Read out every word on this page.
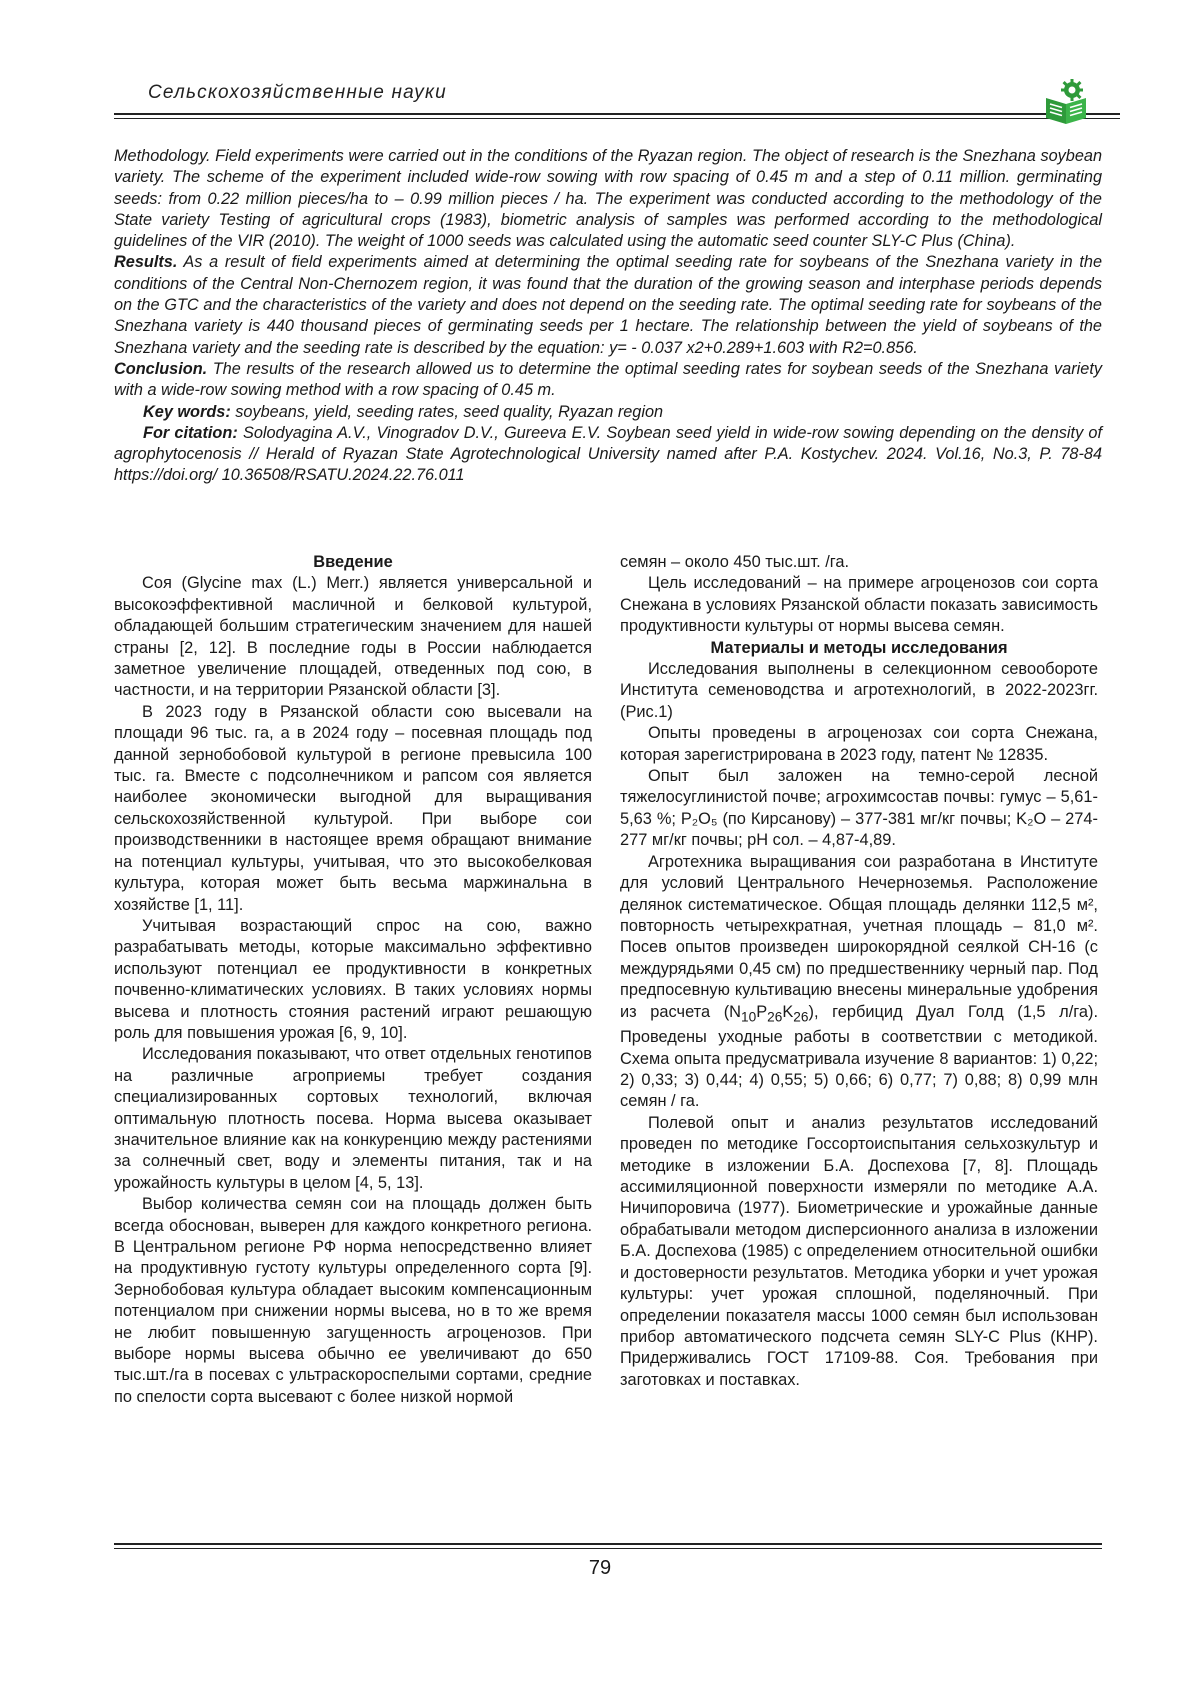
Сельскохозяйственные науки

Methodology. Field experiments were carried out in the conditions of the Ryazan region. The object of research is the Snezhana soybean variety. The scheme of the experiment included wide-row sowing with row spacing of 0.45 m and a step of 0.11 million. germinating seeds: from 0.22 million pieces/ha to – 0.99 million pieces / ha. The experiment was conducted according to the methodology of the State variety Testing of agricultural crops (1983), biometric analysis of samples was performed according to the methodological guidelines of the VIR (2010). The weight of 1000 seeds was calculated using the automatic seed counter SLY-C Plus (China).

Results. As a result of field experiments aimed at determining the optimal seeding rate for soybeans of the Snezhana variety in the conditions of the Central Non-Chernozem region, it was found that the duration of the growing season and interphase periods depends on the GTC and the characteristics of the variety and does not depend on the seeding rate. The optimal seeding rate for soybeans of the Snezhana variety is 440 thousand pieces of germinating seeds per 1 hectare. The relationship between the yield of soybeans of the Snezhana variety and the seeding rate is described by the equation: y= - 0.037 x2+0.289+1.603 with R2=0.856.

Conclusion. The results of the research allowed us to determine the optimal seeding rates for soybean seeds of the Snezhana variety with a wide-row sowing method with a row spacing of 0.45 m.

Key words: soybeans, yield, seeding rates, seed quality, Ryazan region

For citation: Solodyagina A.V., Vinogradov D.V., Gureeva E.V. Soybean seed yield in wide-row sowing depending on the density of agrophytocenosis // Herald of Ryazan State Agrotechnological University named after P.A. Kostychev. 2024. Vol.16, No.3, P. 78-84 https://doi.org/ 10.36508/RSATU.2024.22.76.011

Введение

Соя (Glycine max (L.) Merr.) является универсальной и высокоэффективной масличной и белковой культурой, обладающей большим стратегическим значением для нашей страны [2, 12]. В последние годы в России наблюдается заметное увеличение площадей, отведенных под сою, в частности, и на территории Рязанской области [3].

В 2023 году в Рязанской области сою высевали на площади 96 тыс. га, а в 2024 году – посевная площадь под данной зернобобовой культурой в регионе превысила 100 тыс. га. Вместе с подсолнечником и рапсом соя является наиболее экономически выгодной для выращивания сельскохозяйственной культурой. При выборе сои производственники в настоящее время обращают внимание на потенциал культуры, учитывая, что это высокобелковая культура, которая может быть весьма маржинальна в хозяйстве [1, 11].

Учитывая возрастающий спрос на сою, важно разрабатывать методы, которые максимально эффективно используют потенциал ее продуктивности в конкретных почвенно-климатических условиях. В таких условиях нормы высева и плотность стояния растений играют решающую роль для повышения урожая [6, 9, 10].

Исследования показывают, что ответ отдельных генотипов на различные агроприемы требует создания специализированных сортовых технологий, включая оптимальную плотность посева. Норма высева оказывает значительное влияние как на конкуренцию между растениями за солнечный свет, воду и элементы питания, так и на урожайность культуры в целом [4, 5, 13].

Выбор количества семян сои на площадь должен быть всегда обоснован, выверен для каждого конкретного региона. В Центральном регионе РФ норма непосредственно влияет на продуктивную густоту культуры определенного сорта [9]. Зернобобовая культура обладает высоким компенсационным потенциалом при снижении нормы высева, но в то же время не любит повышенную загущенность агроценозов. При выборе нормы высева обычно ее увеличивают до 650 тыс.шт./га в посевах с ультраскороспелыми сортами, средние по спелости сорта высевают с более низкой нормой

семян – около 450 тыс.шт. /га.

Цель исследований – на примере агроценозов сои сорта Снежана в условиях Рязанской области показать зависимость продуктивности культуры от нормы высева семян.

Материалы и методы исследования

Исследования выполнены в селекционном севообороте Института семеноводства и агротехнологий, в 2022-2023гг. (Рис.1)

Опыты проведены в агроценозах сои сорта Снежана, которая зарегистрирована в 2023 году, патент № 12835.

Опыт был заложен на темно-серой лесной тяжелосуглинистой почве; агрохимсостав почвы: гумус – 5,61-5,63 %; P₂O₅ (по Кирсанову) – 377-381 мг/кг почвы; K₂O – 274-277 мг/кг почвы; pH сол. – 4,87-4,89.

Агротехника выращивания сои разработана в Институте для условий Центрального Нечерноземья. Расположение делянок систематическое. Общая площадь делянки 112,5 м², повторность четырехкратная, учетная площадь – 81,0 м². Посев опытов произведен широкорядной сеялкой СН-16 (с междурядьями 0,45 см) по предшественнику черный пар. Под предпосевную культивацию внесены минеральные удобрения из расчета $(N_{10}P_{26}K_{26})$, гербицид Дуал Голд (1,5 л/га). Проведены уходные работы в соответствии с методикой. Схема опыта предусматривала изучение 8 вариантов: 1) 0,22; 2) 0,33; 3) 0,44; 4) 0,55; 5) 0,66; 6) 0,77; 7) 0,88; 8) 0,99 млн семян / га.

Полевой опыт и анализ результатов исследований проведен по методике Госсортоиспытания сельхозкультур и методике в изложении Б.А. Доспехова [7, 8]. Площадь ассимиляционной поверхности измеряли по методике А.А. Ничипоровича (1977). Биометрические и урожайные данные обрабатывали методом дисперсионного анализа в изложении Б.А. Доспехова (1985) с определением относительной ошибки и достоверности результатов. Методика уборки и учет урожая культуры: учет урожая сплошной, поделяночный. При определении показателя массы 1000 семян был использован прибор автоматического подсчета семян SLY-C Plus (КНР). Придерживались ГОСТ 17109-88. Соя. Требования при заготовках и поставках.

79
